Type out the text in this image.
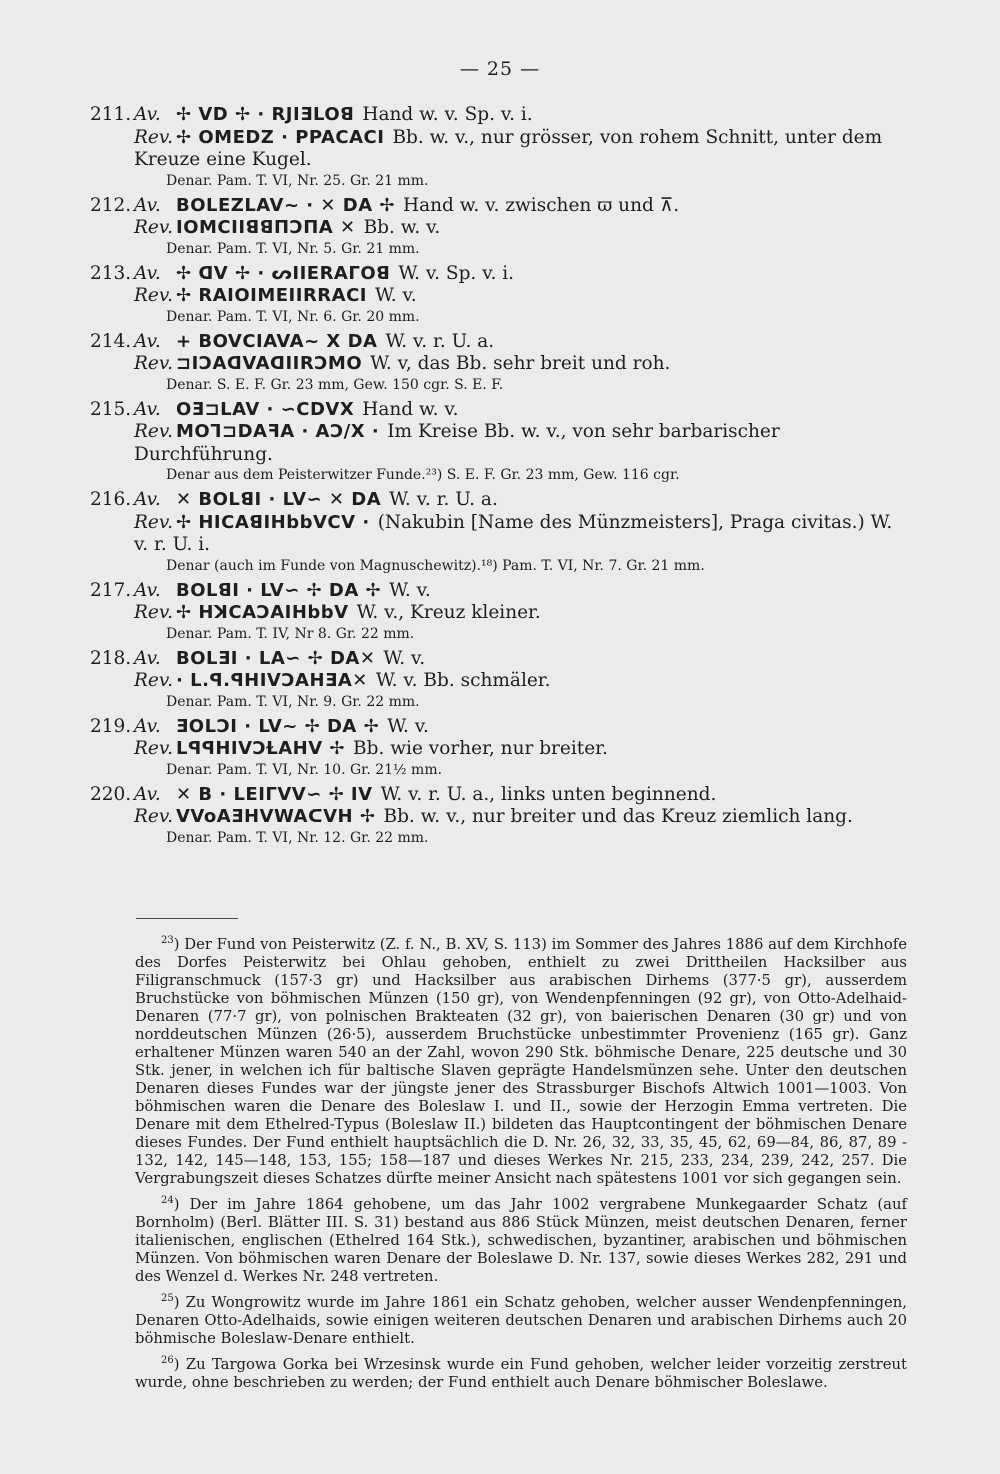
— 25 —
211. Av. ✢ VD ✢ · RJIƎLOꓭ Hand w. v. Sp. v. i.
Rev. ✢ OMEDZ · PPACACI Bb. w. v., nur grösser, von rohem Schnitt, unter dem Kreuze eine Kugel.
Denar. Pam. T. VI, Nr. 25. Gr. 21 mm.
212. Av. BOLEZLAV~ · ✕ DA ✢ Hand w. v. zwischen ϖ und ⊼.
Rev. IOMCIIꓭꓭΠƆΠA ✕ Bb. w. v.
Denar. Pam. T. VI, Nr. 5. Gr. 21 mm.
213. Av. ✢ ᗡV ✢ · ᔕIIERAΓOꓭ W. v. Sp. v. i.
Rev. ✢ RAIOIMEIIRRACI W. v.
Denar. Pam. T. VI, Nr. 6. Gr. 20 mm.
214. Av. + BOVCIAVA~ X DA W. v. r. U. a.
Rev. ⊐IƆAᗡVAᗡIIRƆMO W. v, das Bb. sehr breit und roh.
Denar. S. E. F. Gr. 23 mm, Gew. 150 cgr. S. E. F.
215. Av. OƎ⊐LAV · ∽CDVX Hand w. v.
Rev. MOᒣ⊐DAꟻA · AƆ/X · Im Kreise Bb. w. v., von sehr barbarischer Durchführung.
Denar aus dem Peisterwitzer Funde.²³) S. E. F. Gr. 23 mm, Gew. 116 cgr.
216. Av. ✕ BOLꓭI · LV∽ ✕ DA W. v. r. U. a.
Rev. ✢ HICAꓭIHbbVCV · (Nakubin [Name des Münzmeisters], Praga civitas.) W. v. r. U. i.
Denar (auch im Funde von Magnuschewitz).¹⁸) Pam. T. VI, Nr. 7. Gr. 21 mm.
217. Av. BOLꓭI · LV∽ ✢ DA ✢ W. v.
Rev. ✢ HꓘCAƆAIHbbV W. v., Kreuz kleiner.
Denar. Pam. T. IV, Nr 8. Gr. 22 mm.
218. Av. BOLƎI · LA∽ ✢ DA✕ W. v.
Rev. · L.ꟼ.ꟼHIVƆAHƎA✕ W. v. Bb. schmäler.
Denar. Pam. T. VI, Nr. 9. Gr. 22 mm.
219. Av. ƎOLƆI · LV~ ✢ DA ✢ W. v.
Rev. LꟼꟼHIVƆⱢAHV ✢ Bb. wie vorher, nur breiter.
Denar. Pam. T. VI, Nr. 10. Gr. 21½ mm.
220. Av. ✕ B · LEIΓVV∽ ✢ IV W. v. r. U. a., links unten beginnend.
Rev. VVoAƎHVWAᑕVH ✢ Bb. w. v., nur breiter und das Kreuz ziemlich lang.
Denar. Pam. T. VI, Nr. 12. Gr. 22 mm.

$^{23}$) Der Fund von Peisterwitz (Z. f. N., B. XV, S. 113) im Sommer des Jahres 1886 auf dem Kirchhofe des Dorfes Peisterwitz bei Ohlau gehoben, enthielt zu zwei Drittheilen Hacksilber aus Filigranschmuck (157·3 gr) und Hacksilber aus arabischen Dirhems (377·5 gr), ausserdem Bruchstücke von böhmischen Münzen (150 gr), von Wendenpfenningen (92 gr), von Otto-Adelhaid-Denaren (77·7 gr), von polnischen Brakteaten (32 gr), von baierischen Denaren (30 gr) und von norddeutschen Münzen (26·5), ausserdem Bruchstücke unbestimmter Provenienz (165 gr). Ganz erhaltener Münzen waren 540 an der Zahl, wovon 290 Stk. böhmische Denare, 225 deutsche und 30 Stk. jener, in welchen ich für baltische Slaven geprägte Handelsmünzen sehe. Unter den deutschen Denaren dieses Fundes war der jüngste jener des Strassburger Bischofs Altwich 1001—1003. Von böhmischen waren die Denare des Boleslaw I. und II., sowie der Herzogin Emma vertreten. Die Denare mit dem Ethelred-Typus (Boleslaw II.) bildeten das Hauptcontingent der böhmischen Denare dieses Fundes. Der Fund enthielt hauptsächlich die D. Nr. 26, 32, 33, 35, 45, 62, 69—84, 86, 87, 89 - 132, 142, 145—148, 153, 155; 158—187 und dieses Werkes Nr. 215, 233, 234, 239, 242, 257. Die Vergrabungszeit dieses Schatzes dürfte meiner Ansicht nach spätestens 1001 vor sich gegangen sein.

$^{24}$) Der im Jahre 1864 gehobene, um das Jahr 1002 vergrabene Munkegaarder Schatz (auf Bornholm) (Berl. Blätter III. S. 31) bestand aus 886 Stück Münzen, meist deutschen Denaren, ferner italienischen, englischen (Ethelred 164 Stk.), schwedischen, byzantiner, arabischen und böhmischen Münzen. Von böhmischen waren Denare der Boleslawe D. Nr. 137, sowie dieses Werkes 282, 291 und des Wenzel d. Werkes Nr. 248 vertreten.

$^{25}$) Zu Wongrowitz wurde im Jahre 1861 ein Schatz gehoben, welcher ausser Wendenpfenningen, Denaren Otto-Adelhaids, sowie einigen weiteren deutschen Denaren und arabischen Dirhems auch 20 böhmische Boleslaw-Denare enthielt.

$^{26}$) Zu Targowa Gorka bei Wrzesinsk wurde ein Fund gehoben, welcher leider vorzeitig zerstreut wurde, ohne beschrieben zu werden; der Fund enthielt auch Denare böhmischer Boleslawe.
